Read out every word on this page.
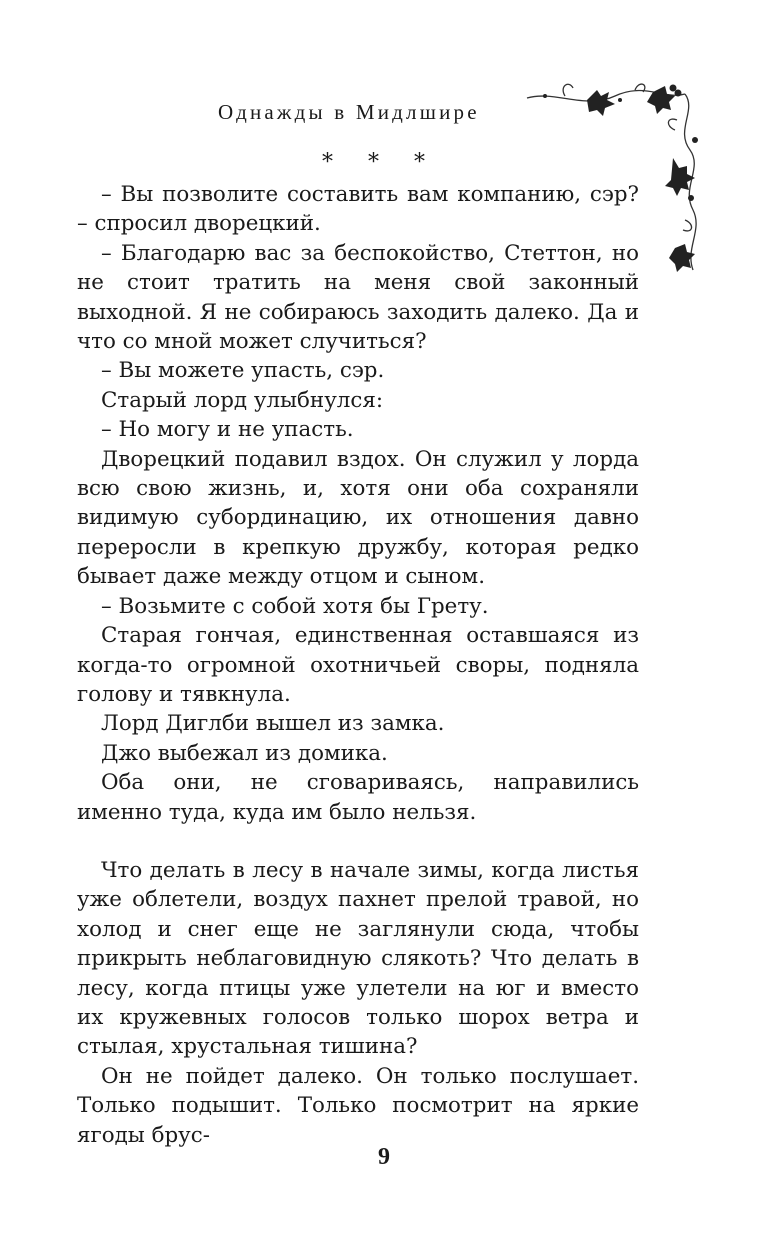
Однажды в Мидлшире
* * *

– Вы позволите составить вам компанию, сэр? – спросил дворецкий.

– Благодарю вас за беспокойство, Стеттон, но не стоит тратить на меня свой законный выходной. Я не собираюсь заходить далеко. Да и что со мной может случиться?

– Вы можете упасть, сэр.

Старый лорд улыбнулся:

– Но могу и не упасть.

Дворецкий подавил вздох. Он служил у лорда всю свою жизнь, и, хотя они оба сохраняли видимую субординацию, их отношения давно переросли в крепкую дружбу, которая редко бывает даже между отцом и сыном.

– Возьмите с собой хотя бы Грету.

Старая гончая, единственная оставшаяся из когда-то огромной охотничьей своры, подняла голову и тявкнула.

Лорд Диглби вышел из замка.

Джо выбежал из домика.

Оба они, не сговариваясь, направились именно туда, куда им было нельзя.

Что делать в лесу в начале зимы, когда листья уже облетели, воздух пахнет прелой травой, но холод и снег еще не заглянули сюда, чтобы прикрыть неблаговидную слякоть? Что делать в лесу, когда птицы уже улетели на юг и вместо их кружевных голосов только шорох ветра и стылая, хрустальная тишина?

Он не пойдет далеко. Он только послушает. Только подышит. Только посмотрит на яркие ягоды брус-

9
